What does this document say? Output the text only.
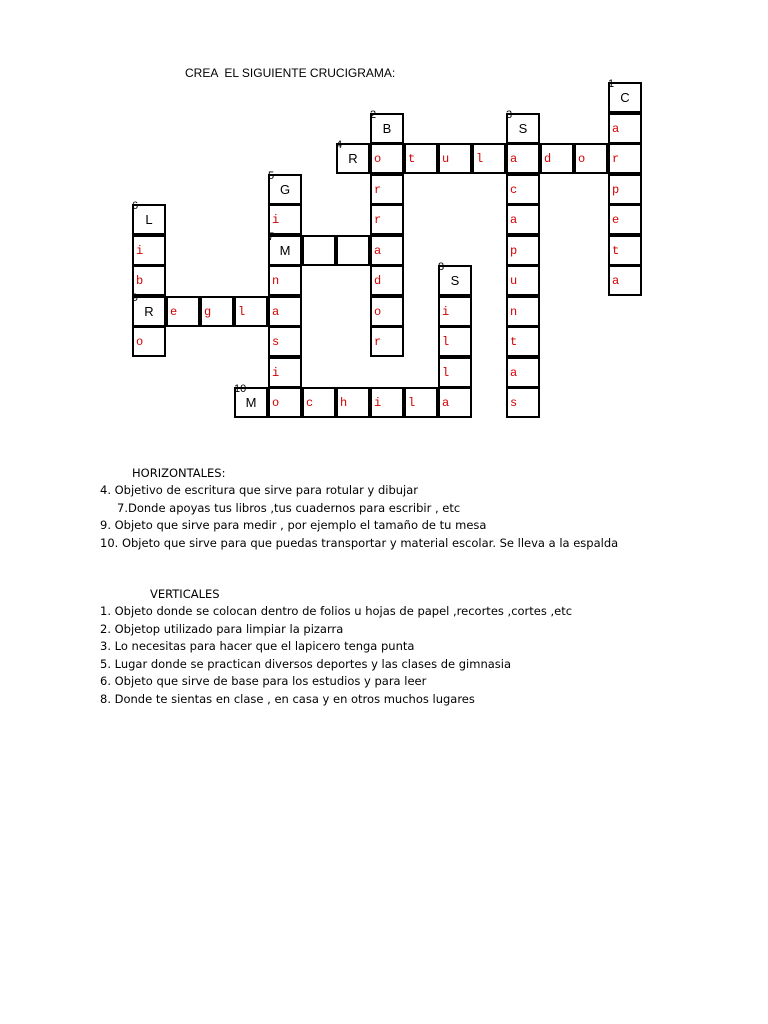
CREA  EL SIGUIENTE CRUCIGRAMA:
1
C
a
r
p
e
t
a
2
B
o
r
r
a
d
o
r
3
S
a
c
a
p
u
n
t
a
s
4
R	t	u	l	d	o
5
G
i
n
a
s
i
6
L
i
b
o
7
M
8
S
i
l
l
9
R	e	g	l
10
M	o	c	h	i	l	a
HORIZONTALES:
4. Objetivo de escritura que sirve para rotular y dibujar
7.Donde apoyas tus libros ,tus cuadernos para escribir , etc
9. Objeto que sirve para medir , por ejemplo el tamaño de tu mesa
10. Objeto que sirve para que puedas transportar y material escolar. Se lleva a la espalda
VERTICALES
1. Objeto donde se colocan dentro de folios u hojas de papel ,recortes ,cortes ,etc
2. Objetop utilizado para limpiar la pizarra
3. Lo necesitas para hacer que el lapicero tenga punta
5. Lugar donde se practican diversos deportes y las clases de gimnasia
6. Objeto que sirve de base para los estudios y para leer
8. Donde te sientas en clase , en casa y en otros muchos lugares
